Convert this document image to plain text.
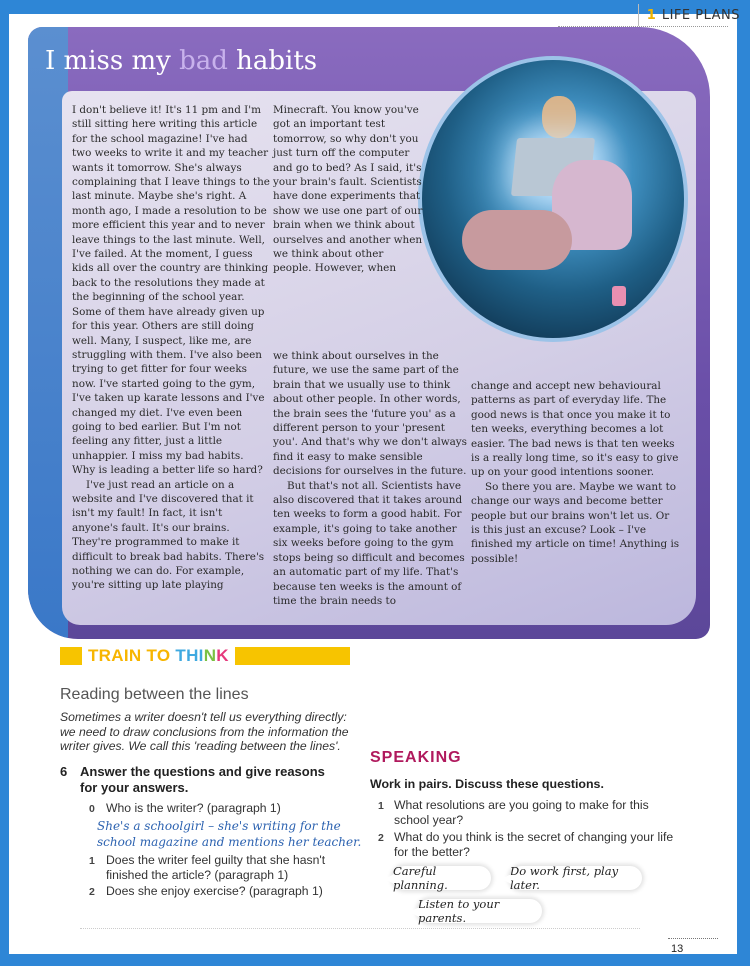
1 LIFE PLANS
I miss my bad habits

I don't believe it! It's 11 pm and I'm still sitting here writing this article for the school magazine! I've had two weeks to write it and my teacher wants it tomorrow. She's always complaining that I leave things to the last minute. Maybe she's right. A month ago, I made a resolution to be more efficient this year and to never leave things to the last minute. Well, I've failed. At the moment, I guess kids all over the country are thinking back to the resolutions they made at the beginning of the school year. Some of them have already given up for this year. Others are still doing well. Many, I suspect, like me, are struggling with them. I've also been trying to get fitter for four weeks now. I've started going to the gym, I've taken up karate lessons and I've changed my diet. I've even been going to bed earlier. But I'm not feeling any fitter, just a little unhappier. I miss my bad habits. Why is leading a better life so hard?

I've just read an article on a website and I've discovered that it isn't my fault! In fact, it isn't anyone's fault. It's our brains. They're programmed to make it difficult to break bad habits. There's nothing we can do. For example, you're sitting up late playing

Minecraft. You know you've got an important test tomorrow, so why don't you just turn off the computer and go to bed? As I said, it's your brain's fault. Scientists have done experiments that show we use one part of our brain when we think about ourselves and another when we think about other people. However, when

we think about ourselves in the future, we use the same part of the brain that we usually use to think about other people. In other words, the brain sees the 'future you' as a different person to your 'present you'. And that's why we don't always find it easy to make sensible decisions for ourselves in the future.

But that's not all. Scientists have also discovered that it takes around ten weeks to form a good habit. For example, it's going to take another six weeks before going to the gym stops being so difficult and becomes an automatic part of my life. That's because ten weeks is the amount of time the brain needs to

change and accept new behavioural patterns as part of everyday life. The good news is that once you make it to ten weeks, everything becomes a lot easier. The bad news is that ten weeks is a really long time, so it's easy to give up on your good intentions sooner.

So there you are. Maybe we want to change our ways and become better people but our brains won't let us. Or is this just an excuse? Look – I've finished my article on time! Anything is possible!

TRAIN TO THINK
Reading between the lines
Sometimes a writer doesn't tell us everything directly: we need to draw conclusions from the information the writer gives. We call this 'reading between the lines'.
6 Answer the questions and give reasons for your answers.
0 Who is the writer? (paragraph 1)
She's a schoolgirl – she's writing for the school magazine and mentions her teacher.
1 Does the writer feel guilty that she hasn't finished the article? (paragraph 1)
2 Does she enjoy exercise? (paragraph 1)
SPEAKING
Work in pairs. Discuss these questions.
1 What resolutions are you going to make for this school year?
2 What do you think is the secret of changing your life for the better?
Careful planning.
Do work first, play later.
Listen to your parents.
13
